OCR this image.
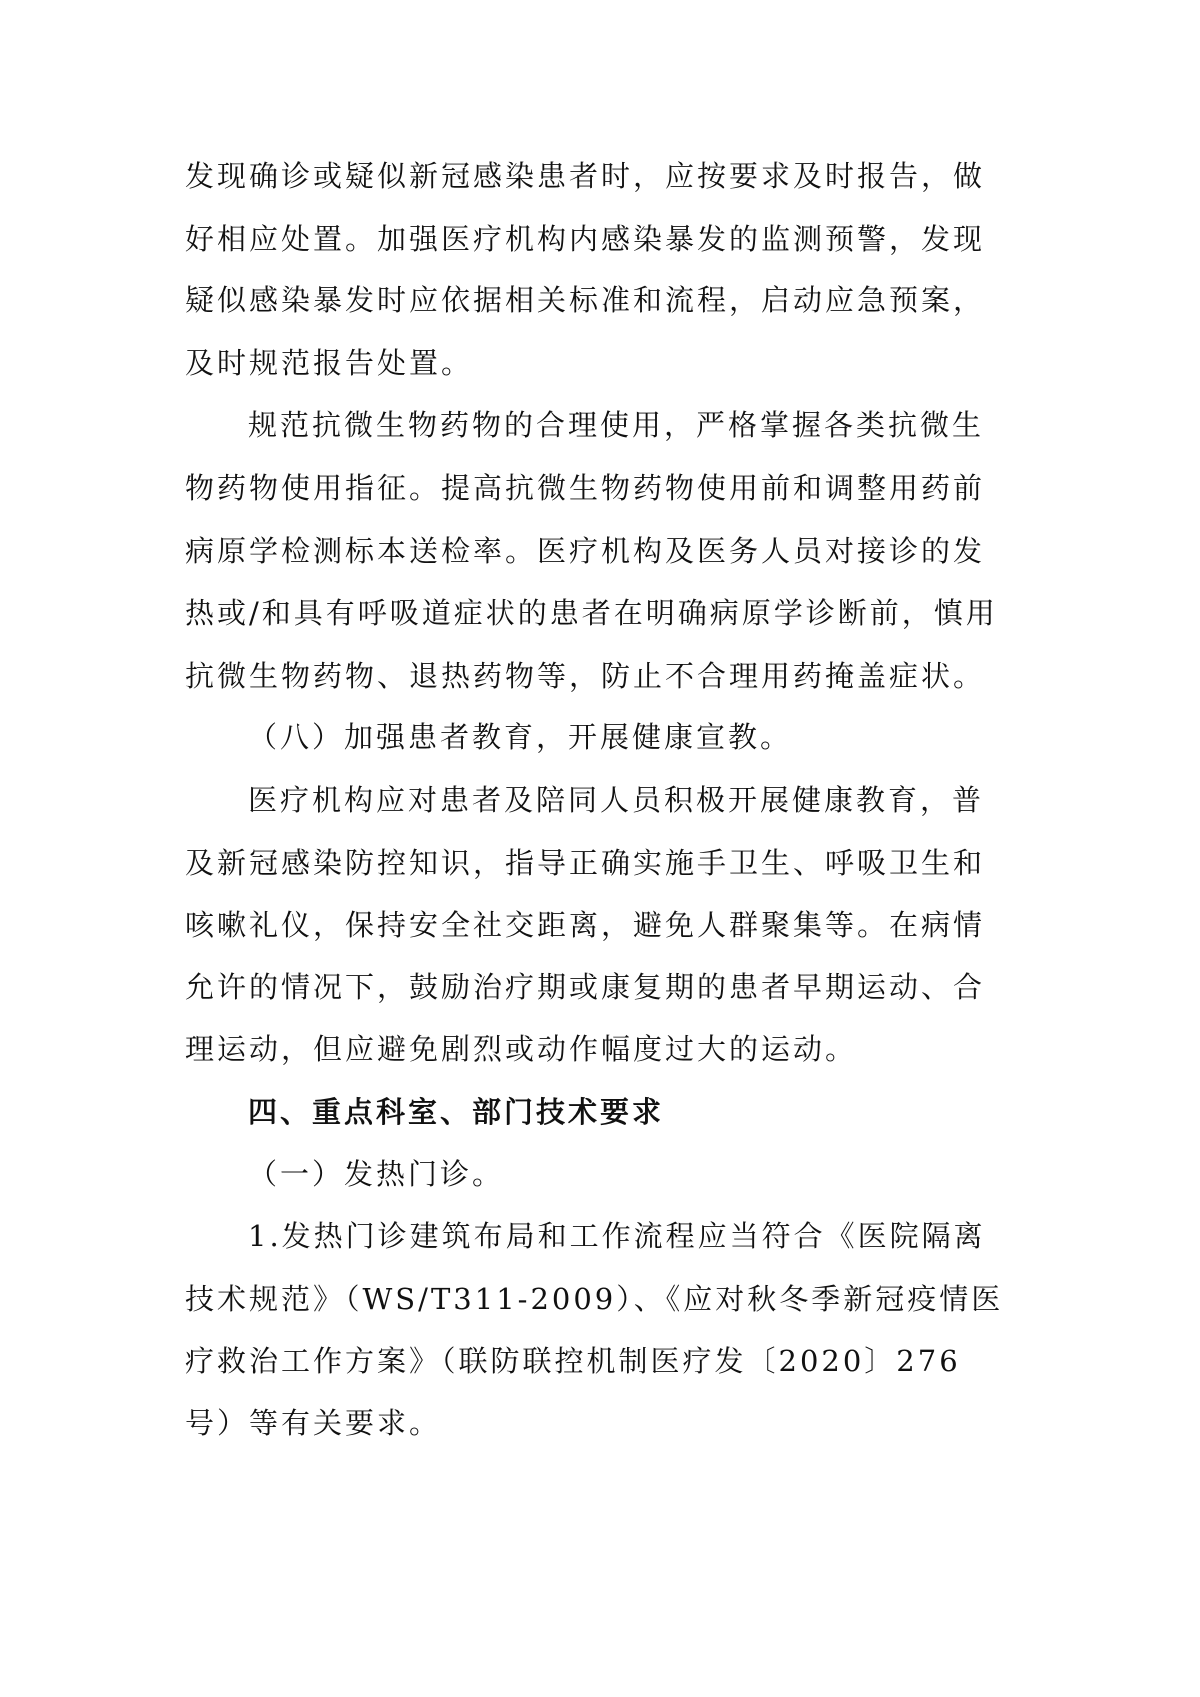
发现确诊或疑似新冠感染患者时，应按要求及时报告，做
好相应处置。加强医疗机构内感染暴发的监测预警，发现
疑似感染暴发时应依据相关标准和流程，启动应急预案，
及时规范报告处置。
规范抗微生物药物的合理使用，严格掌握各类抗微生
物药物使用指征。提高抗微生物药物使用前和调整用药前
病原学检测标本送检率。医疗机构及医务人员对接诊的发
热或/和具有呼吸道症状的患者在明确病原学诊断前，慎用
抗微生物药物、退热药物等，防止不合理用药掩盖症状。
（八）加强患者教育，开展健康宣教。
医疗机构应对患者及陪同人员积极开展健康教育，普
及新冠感染防控知识，指导正确实施手卫生、呼吸卫生和
咳嗽礼仪，保持安全社交距离，避免人群聚集等。在病情
允许的情况下，鼓励治疗期或康复期的患者早期运动、合
理运动，但应避免剧烈或动作幅度过大的运动。
四、重点科室、部门技术要求
（一）发热门诊。
1.发热门诊建筑布局和工作流程应当符合《医院隔离
技术规范》（WS/T311-2009）、《应对秋冬季新冠疫情医
疗救治工作方案》（联防联控机制医疗发〔2020〕276
号）等有关要求。
